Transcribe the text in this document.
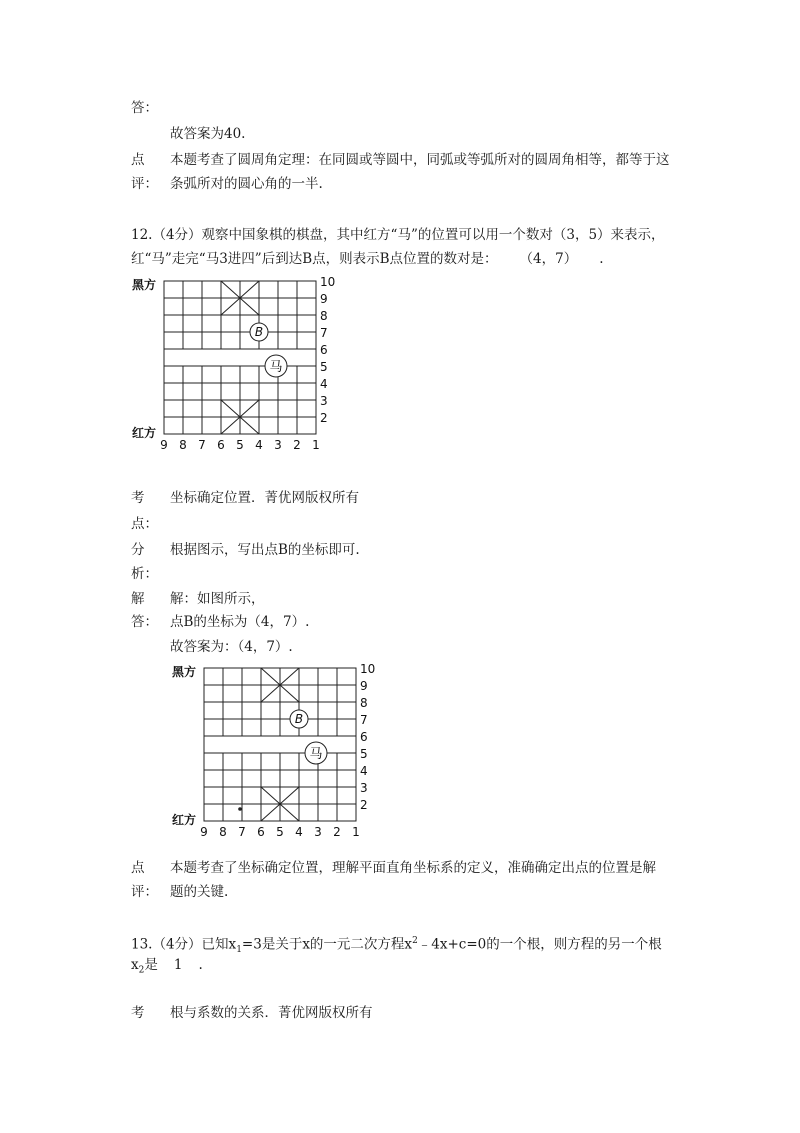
答：
故答案为40.
点 本题考查了圆周角定理：在同圆或等圆中，同弧或等弧所对的圆周角相等，都等于这
评： 条弧所对的圆心角的一半.
12.（4分）观察中国象棋的棋盘，其中红方“马”的位置可以用一个数对（3，5）来表示，
红“马”走完“马3进四”后到达B点，则表示B点位置的数对是： （4，7） .
B
马
黑方
红方
10
9
8
7
6
5
4
3
2
9 8 7 6 5 4 3 2 1
考 坐标确定位置．菁优网版权所有
点：
分 根据图示，写出点B的坐标即可.
析：
解 解：如图所示，
答： 点B的坐标为（4，7）.
故答案为：（4，7）.
B
马
黑方
红方
10
9
8
7
6
5
4
3
2
9 8 7 6 5 4 3 2 1
点 本题考查了坐标确定位置，理解平面直角坐标系的定义，准确确定出点的位置是解
评： 题的关键.
13.（4分）已知$x_1=3$是关于x的一元二次方程$x^2﹣4x+c=0$的一个根，则方程的另一个根
$x_2$是 1 .
考 根与系数的关系．菁优网版权所有
